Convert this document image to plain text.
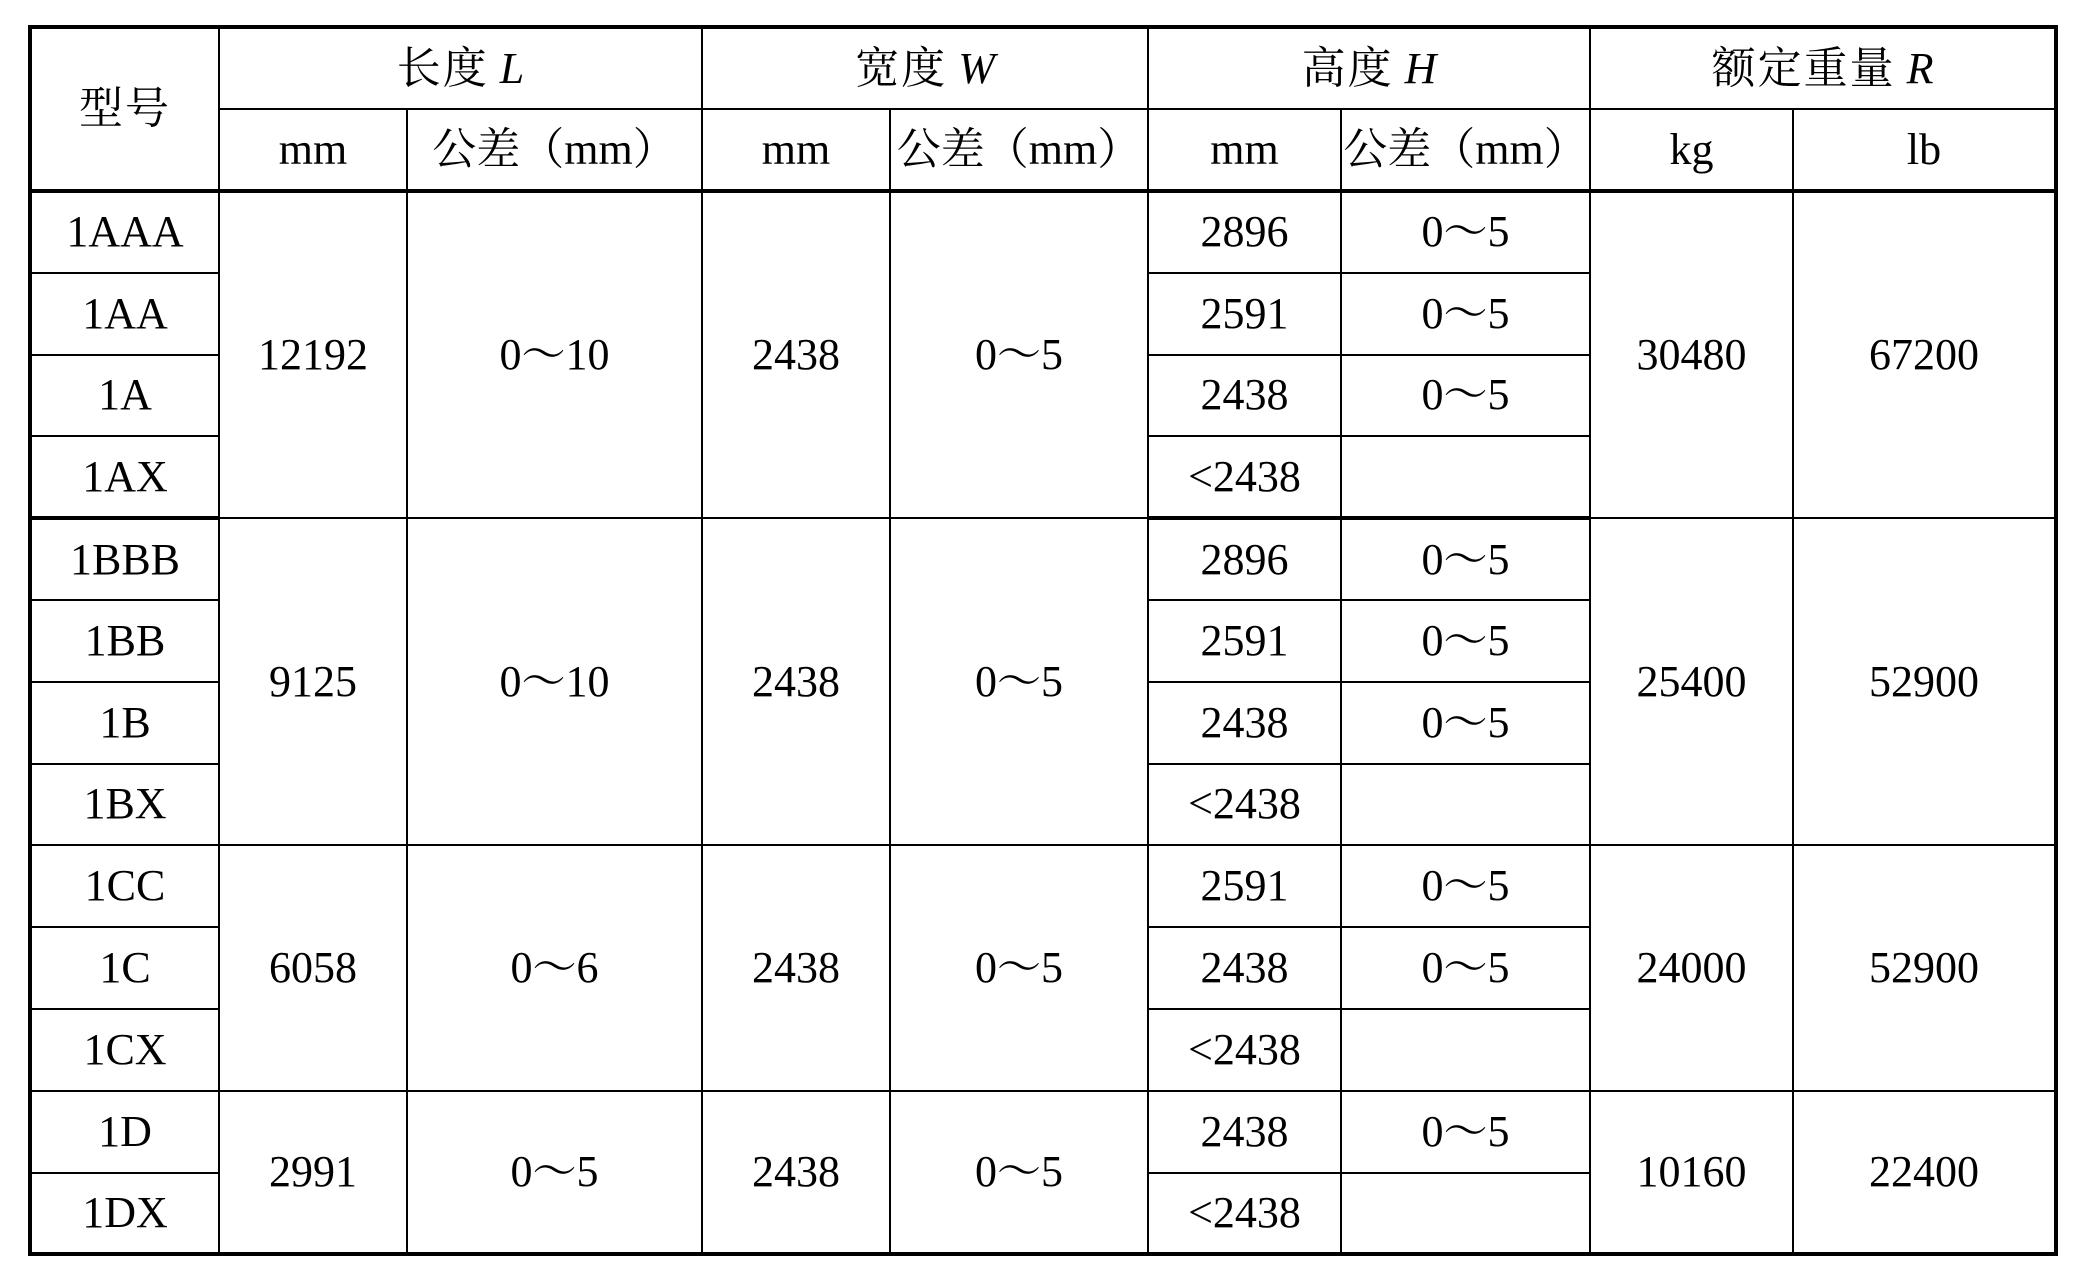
型号	长度 L		宽度 W		高度 H		额定重量 R	
	mm	公差（mm）	mm	公差（mm）	mm	公差（mm）	kg	lb
1AAA	12192	0～10	2438	0～5	2896	0～5	30480	67200
1AA					2591	0～5		
1A					2438	0～5		
1AX					<2438			
1BBB	9125	0～10	2438	0～5	2896	0～5	25400	52900
1BB					2591	0～5		
1B					2438	0～5		
1BX					<2438			
1CC	6058	0～6	2438	0～5	2591	0～5	24000	52900
1C					2438	0～5		
1CX					<2438			
1D	2991	0～5	2438	0～5	2438	0～5	10160	22400
1DX					<2438			
